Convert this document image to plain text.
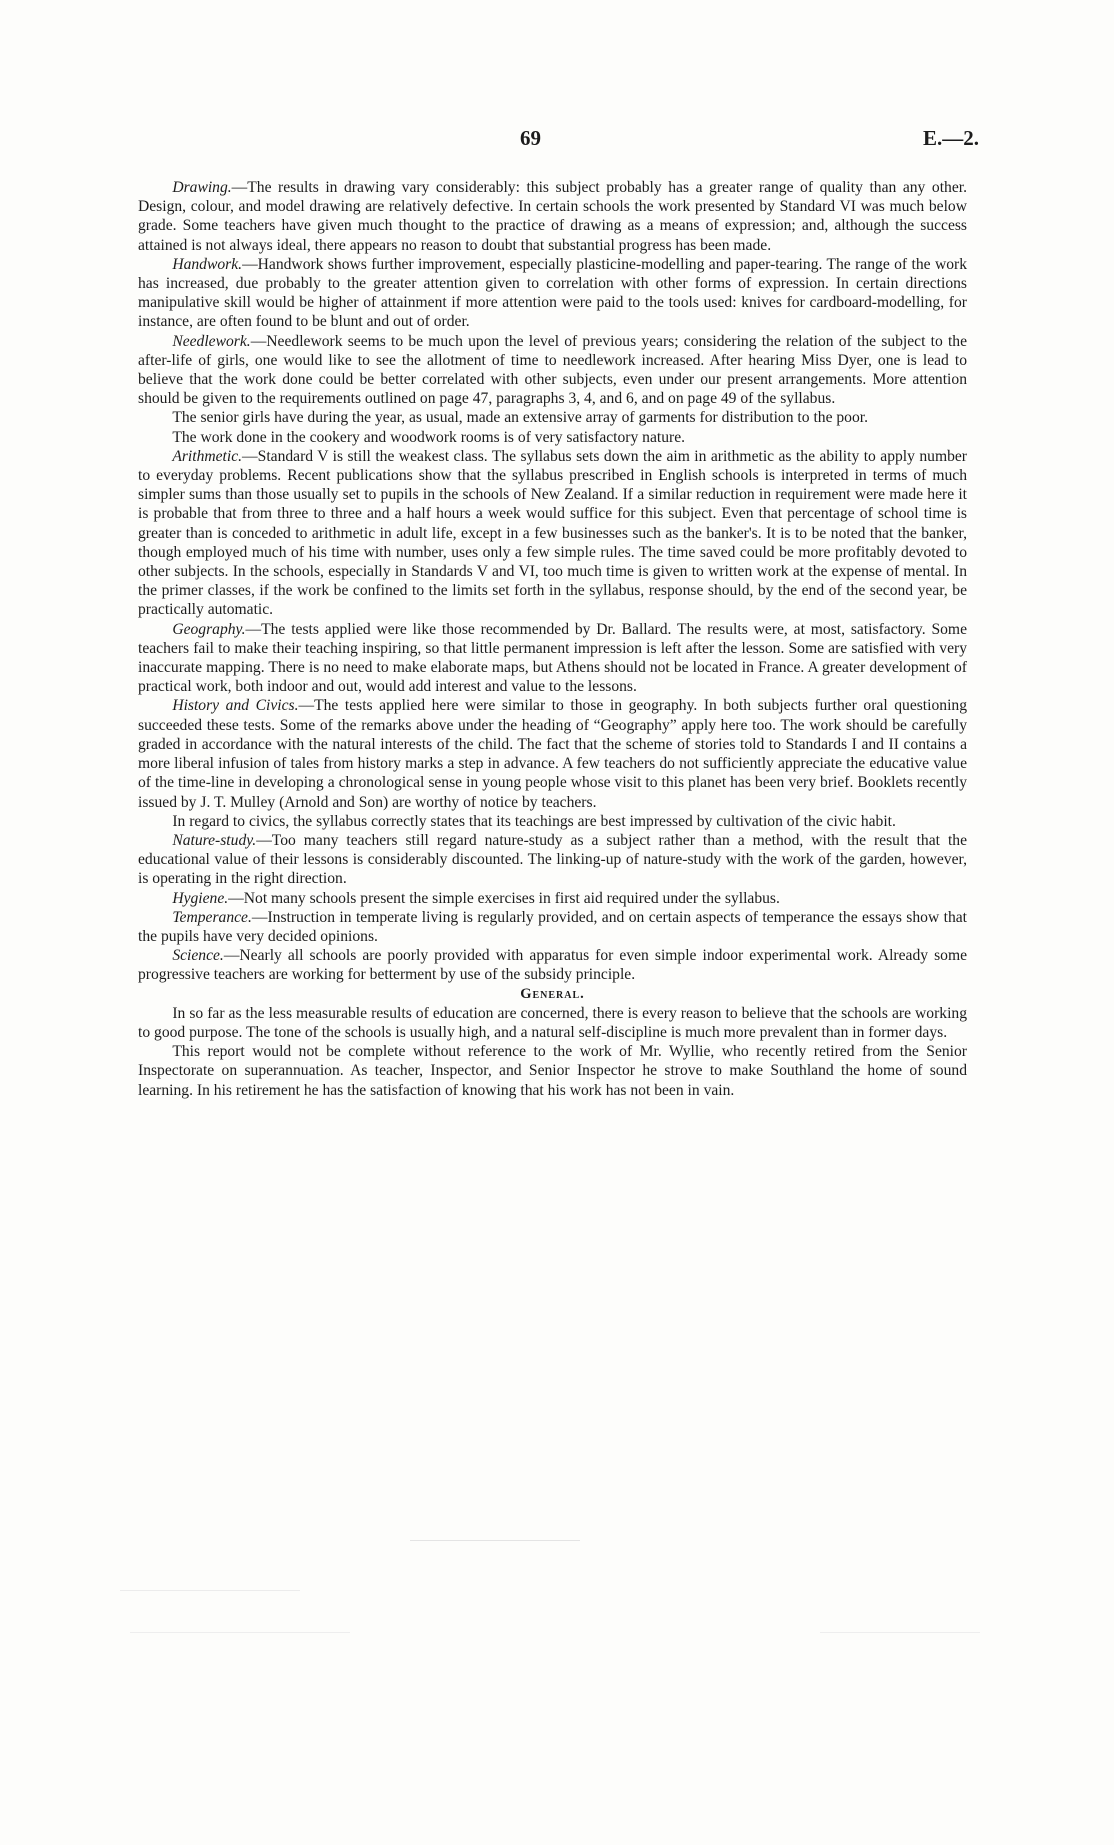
69	E.—2.

Drawing.—The results in drawing vary considerably: this subject probably has a greater range of quality than any other. Design, colour, and model drawing are relatively defective. In certain schools the work presented by Standard VI was much below grade. Some teachers have given much thought to the practice of drawing as a means of expression; and, although the success attained is not always ideal, there appears no reason to doubt that substantial progress has been made.

Handwork.—Handwork shows further improvement, especially plasticine-modelling and paper-tearing. The range of the work has increased, due probably to the greater attention given to correlation with other forms of expression. In certain directions manipulative skill would be higher of attainment if more attention were paid to the tools used: knives for cardboard-modelling, for instance, are often found to be blunt and out of order.

Needlework.—Needlework seems to be much upon the level of previous years; considering the relation of the subject to the after-life of girls, one would like to see the allotment of time to needlework increased. After hearing Miss Dyer, one is lead to believe that the work done could be better correlated with other subjects, even under our present arrangements. More attention should be given to the requirements outlined on page 47, paragraphs 3, 4, and 6, and on page 49 of the syllabus.

The senior girls have during the year, as usual, made an extensive array of garments for distribution to the poor.

The work done in the cookery and woodwork rooms is of very satisfactory nature.

Arithmetic.—Standard V is still the weakest class. The syllabus sets down the aim in arithmetic as the ability to apply number to everyday problems. Recent publications show that the syllabus prescribed in English schools is interpreted in terms of much simpler sums than those usually set to pupils in the schools of New Zealand. If a similar reduction in requirement were made here it is probable that from three to three and a half hours a week would suffice for this subject. Even that percentage of school time is greater than is conceded to arithmetic in adult life, except in a few businesses such as the banker's. It is to be noted that the banker, though employed much of his time with number, uses only a few simple rules. The time saved could be more profitably devoted to other subjects. In the schools, especially in Standards V and VI, too much time is given to written work at the expense of mental. In the primer classes, if the work be confined to the limits set forth in the syllabus, response should, by the end of the second year, be practically automatic.

Geography.—The tests applied were like those recommended by Dr. Ballard. The results were, at most, satisfactory. Some teachers fail to make their teaching inspiring, so that little permanent impression is left after the lesson. Some are satisfied with very inaccurate mapping. There is no need to make elaborate maps, but Athens should not be located in France. A greater development of practical work, both indoor and out, would add interest and value to the lessons.

History and Civics.—The tests applied here were similar to those in geography. In both subjects further oral questioning succeeded these tests. Some of the remarks above under the heading of “Geography” apply here too. The work should be carefully graded in accordance with the natural interests of the child. The fact that the scheme of stories told to Standards I and II contains a more liberal infusion of tales from history marks a step in advance. A few teachers do not sufficiently appreciate the educative value of the time-line in developing a chronological sense in young people whose visit to this planet has been very brief. Booklets recently issued by J. T. Mulley (Arnold and Son) are worthy of notice by teachers.

In regard to civics, the syllabus correctly states that its teachings are best impressed by cultivation of the civic habit.

Nature-study.—Too many teachers still regard nature-study as a subject rather than a method, with the result that the educational value of their lessons is considerably discounted. The linking-up of nature-study with the work of the garden, however, is operating in the right direction.

Hygiene.—Not many schools present the simple exercises in first aid required under the syllabus.

Temperance.—Instruction in temperate living is regularly provided, and on certain aspects of temperance the essays show that the pupils have very decided opinions.

Science.—Nearly all schools are poorly provided with apparatus for even simple indoor experimental work. Already some progressive teachers are working for betterment by use of the subsidy principle.

General.

In so far as the less measurable results of education are concerned, there is every reason to believe that the schools are working to good purpose. The tone of the schools is usually high, and a natural self-discipline is much more prevalent than in former days.

This report would not be complete without reference to the work of Mr. Wyllie, who recently retired from the Senior Inspectorate on superannuation. As teacher, Inspector, and Senior Inspector he strove to make Southland the home of sound learning. In his retirement he has the satisfaction of knowing that his work has not been in vain.
